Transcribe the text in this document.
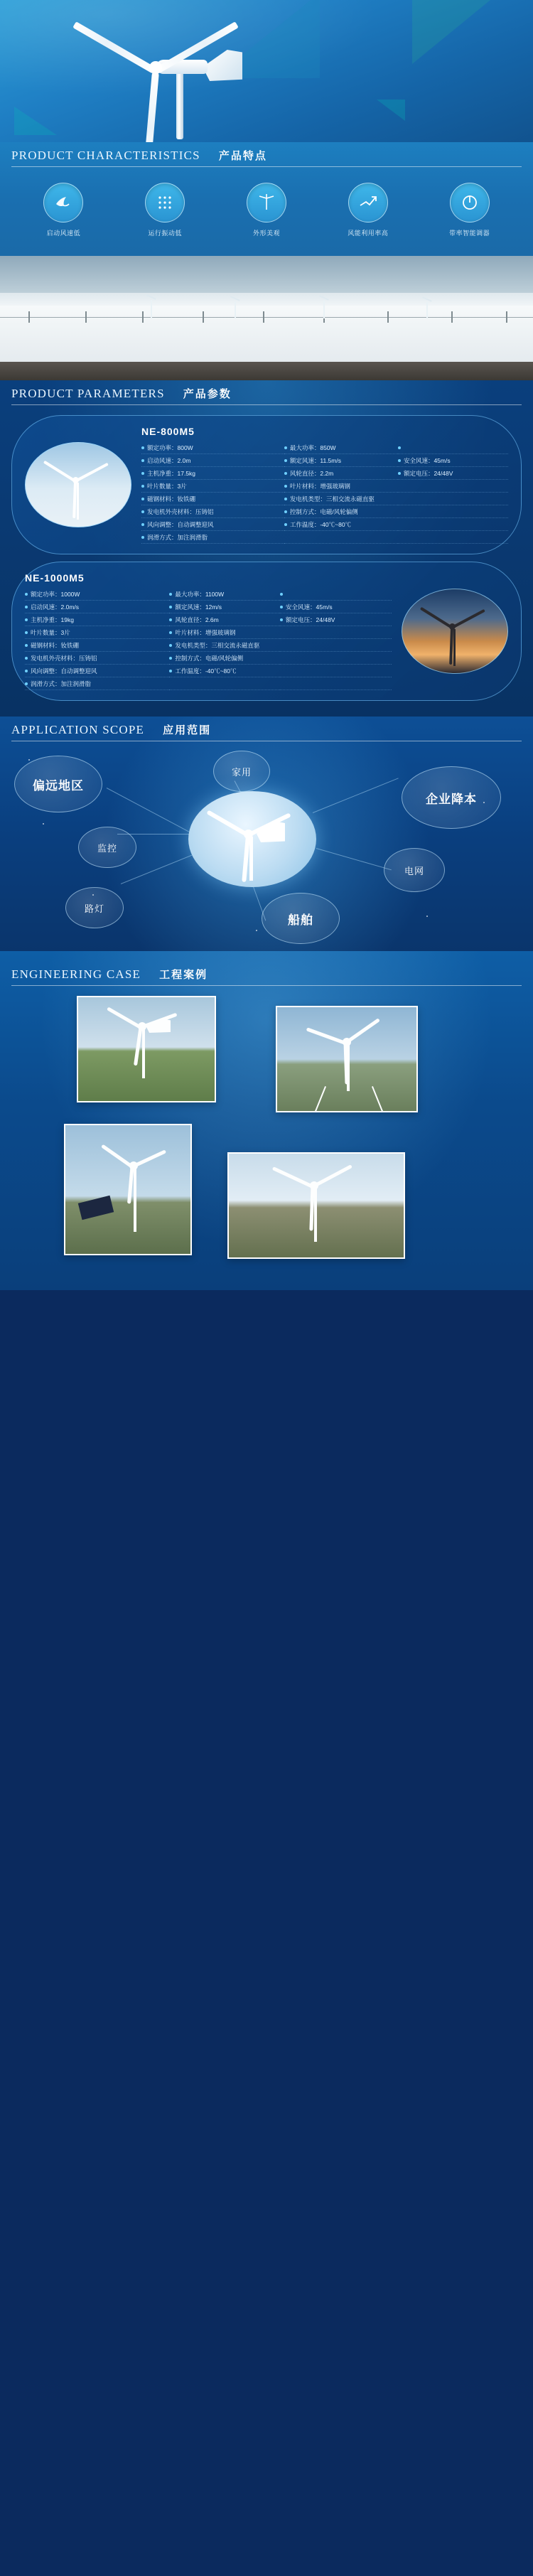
PRODUCT CHARACTERISTICS 产品特点
启动风速低	运行振动低	外形美观	风能利用率高	带率智能调器
PRODUCT PARAMETERS 产品参数
NE-800M5
额定功率：800W	最大功率：850W	
启动风速：2.0m	额定风速：11.5m/s	安全风速：45m/s
主机净重：17.5kg	风轮直径：2.2m	额定电压：24/48V
叶片数量：3片	叶片材料：增强玻璃钢	
磁钢材料：钕铁硼	发电机类型：三相交流永磁直驱	
发电机外壳材料：压铸铝	控制方式：电磁/风轮偏侧	
风向调整：自动调整迎风	工作温度：-40℃~80℃	
润滑方式：加注润滑脂		
NE-1000M5
额定功率：1000W	最大功率：1100W	
启动风速：2.0m/s	额定风速：12m/s	安全风速：45m/s
主机净重：19kg	风轮直径：2.6m	额定电压：24/48V
叶片数量：3片	叶片材料：增强玻璃钢	
磁钢材料：钕铁硼	发电机类型：三相交流永磁直驱	
发电机外壳材料：压铸铝	控制方式：电磁/风轮偏侧	
风向调整：自动调整迎风	工作温度：-40℃~80℃	
润滑方式：加注润滑脂		
APPLICATION SCOPE 应用范围
偏远地区
家用
企业降本
监控
电网
路灯
船舶
ENGINEERING CASE 工程案例
